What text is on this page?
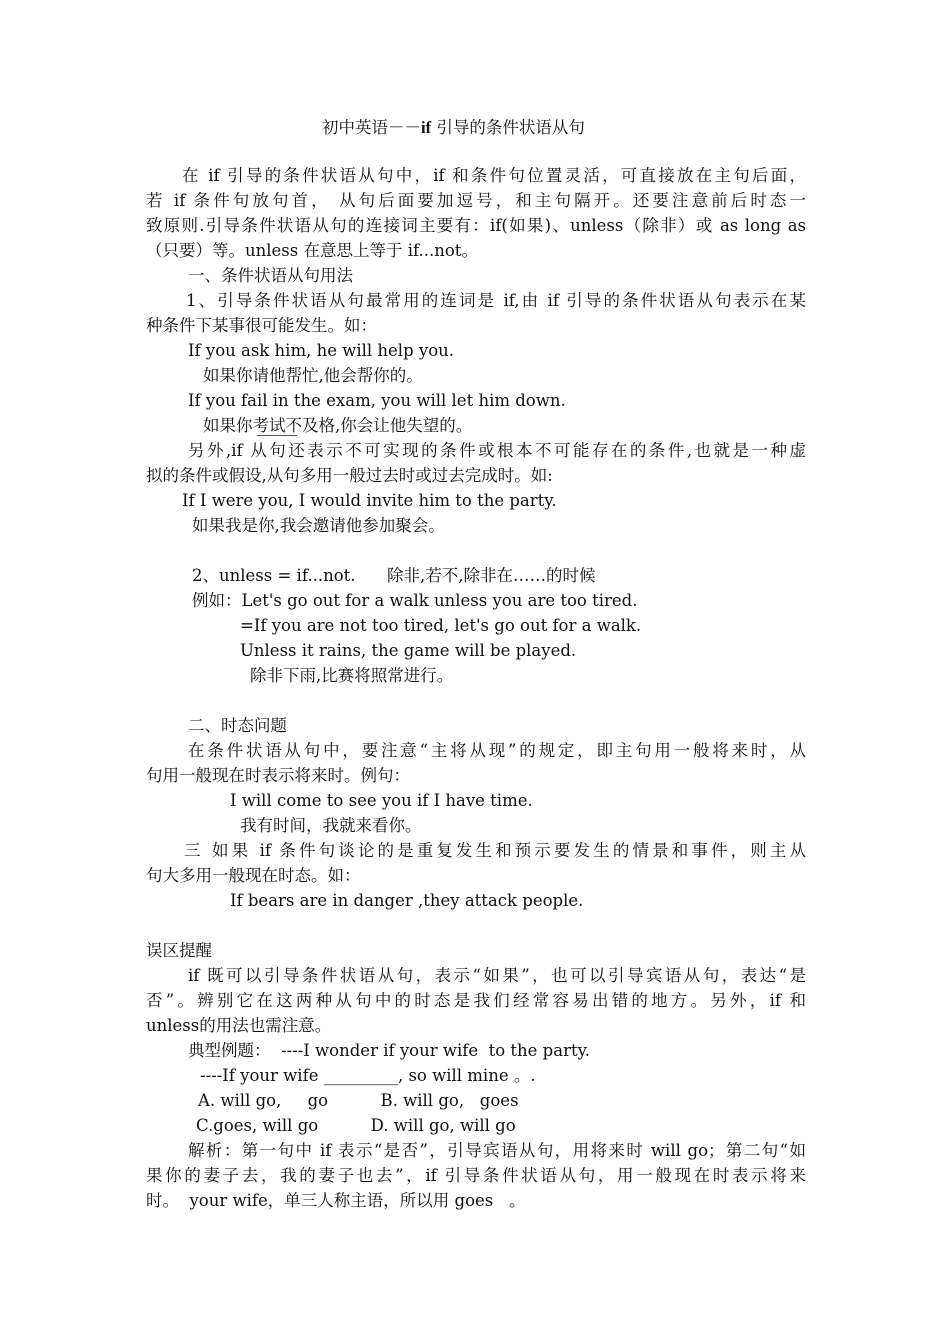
初中英语－－if 引导的条件状语从句
在 if 引导的条件状语从句中，if 和条件句位置灵活，可直接放在主句后面，
若 if 条件句放句首， 从句后面要加逗号，和主句隔开。还要注意前后时态一
致原则.引导条件状语从句的连接词主要有：if(如果)、unless（除非）或 as long as
（只要）等。unless 在意思上等于 if...not。
一、条件状语从句用法
1、引导条件状语从句最常用的连词是 if,由 if 引导的条件状语从句表示在某
种条件下某事很可能发生。如：
If you ask him, he will help you.
如果你请他帮忙,他会帮你的。
If you fail in the exam, you will let him down.
如果你考试不及格,你会让他失望的。
另外,if 从句还表示不可实现的条件或根本不可能存在的条件,也就是一种虚
拟的条件或假设,从句多用一般过去时或过去完成时。如:
If I were you, I would invite him to the party.
如果我是你,我会邀请他参加聚会。
2、unless = if...not.      除非,若不,除非在……的时候
例如：Let's go out for a walk unless you are too tired.
=If you are not too tired, let's go out for a walk.
Unless it rains, the game will be played.
除非下雨,比赛将照常进行。
二、时态问题
在条件状语从句中，要注意“主将从现”的规定，即主句用一般将来时，从
句用一般现在时表示将来时。例句：
I will come to see you if I have time.
我有时间，我就来看你。
三 如果 if 条件句谈论的是重复发生和预示要发生的情景和事件，则主从
句大多用一般现在时态。如：
If bears are in danger ,they attack people.
误区提醒
if 既可以引导条件状语从句，表示“如果”，也可以引导宾语从句，表达“是
否”。辨别它在这两种从句中的时态是我们经常容易出错的地方。另外，if 和
unless的用法也需注意。
典型例题：  ----I wonder if your wife  to the party.
----If your wife _________, so will mine 。.
A. will go,     go          B. will go,   goes
C.goes, will go          D. will go, will go
解析：第一句中 if 表示“是否”，引导宾语从句，用将来时 will go；第二句“如
果你的妻子去，我的妻子也去”，if 引导条件状语从句，用一般现在时表示将来
时。  your wife，单三人称主语，所以用 goes   。
